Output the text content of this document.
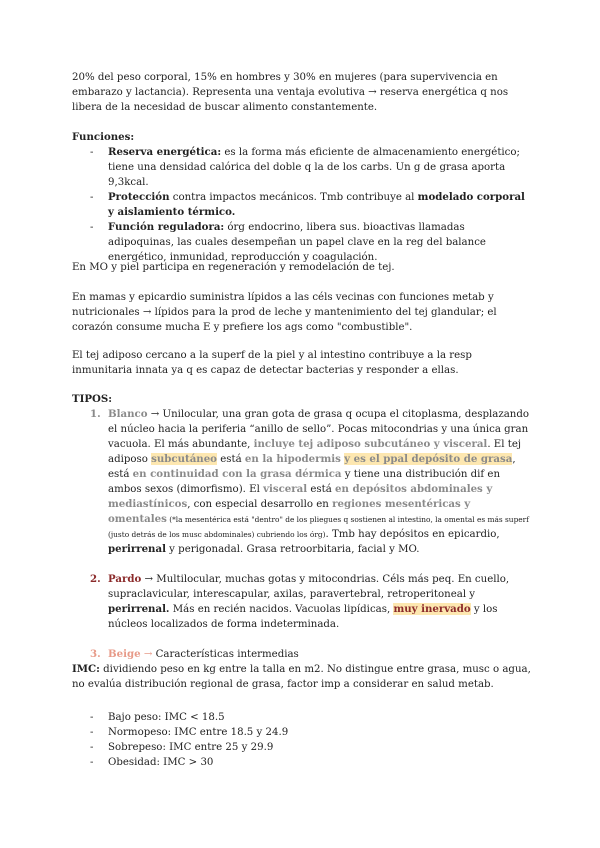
20% del peso corporal, 15% en hombres y 30% en mujeres (para supervivencia en embarazo y lactancia). Representa una ventaja evolutiva → reserva energética q nos libera de la necesidad de buscar alimento constantemente.

Funciones:
- Reserva energética: es la forma más eficiente de almacenamiento energético; tiene una densidad calórica del doble q la de los carbs. Un g de grasa aporta 9,3kcal.
- Protección contra impactos mecánicos. Tmb contribuye al modelado corporal y aislamiento térmico.
- Función reguladora: órg endocrino, libera sus. bioactivas llamadas adipoquinas, las cuales desempeñan un papel clave en la reg del balance energético, inmunidad, reproducción y coagulación.

En MO y piel participa en regeneración y remodelación de tej.

En mamas y epicardio suministra lípidos a las céls vecinas con funciones metab y nutricionales → lípidos para la prod de leche y mantenimiento del tej glandular; el corazón consume mucha E y prefiere los ags como "combustible".

El tej adiposo cercano a la superf de la piel y al intestino contribuye a la resp inmunitaria innata ya q es capaz de detectar bacterias y responder a ellas.

TIPOS:
1. Blanco → Unilocular, una gran gota de grasa q ocupa el citoplasma, desplazando el núcleo hacia la periferia “anillo de sello”. Pocas mitocondrias y una única gran vacuola. El más abundante, incluye tej adiposo subcutáneo y visceral. El tej adiposo subcutáneo está en la hipodermis y es el ppal depósito de grasa, está en continuidad con la grasa dérmica y tiene una distribución dif en ambos sexos (dimorfismo). El visceral está en depósitos abdominales y mediastínicos, con especial desarrollo en regiones mesentéricas y omentales (*la mesentérica está "dentro" de los pliegues q sostienen al intestino, la omental es más superf (justo detrás de los musc abdominales) cubriendo los órg). Tmb hay depósitos en epicardio, perirrenal y perigonadal. Grasa retroorbitaria, facial y MO.
2. Pardo → Multilocular, muchas gotas y mitocondrias. Céls más peq. En cuello, supraclavicular, interescapular, axilas, paravertebral, retroperitoneal y perirrenal. Más en recién nacidos. Vacuolas lipídicas, muy inervado y los núcleos localizados de forma indeterminada.
3. Beige → Características intermedias

IMC: dividiendo peso en kg entre la talla en m2. No distingue entre grasa, musc o agua, no evalúa distribución regional de grasa, factor imp a considerar en salud metab.

- Bajo peso: IMC < 18.5
- Normopeso: IMC entre 18.5 y 24.9
- Sobrepeso: IMC entre 25 y 29.9
- Obesidad: IMC > 30
